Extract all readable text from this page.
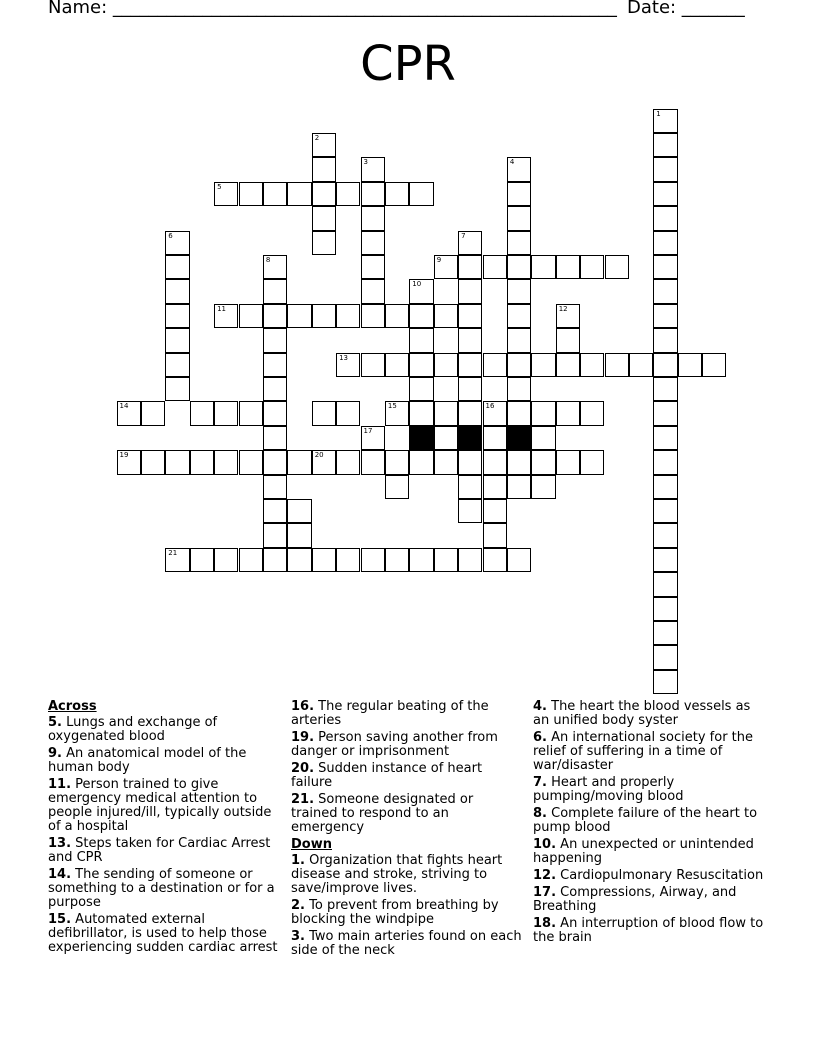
Name: ________________________________________________________ Date: _______
CPR
1
2
3	4
5
6	7
18
8	9
10
12
15	16
11
13
14
17
19	20
21
Across
5. Lungs and exchange of oxygenated blood
9. An anatomical model of the human body
11. Person trained to give emergency medical attention to people injured/ill, typically outside of a hospital
13. Steps taken for Cardiac Arrest and CPR
14. The sending of someone or something to a destination or for a purpose
15. Automated external defibrillator, is used to help those experiencing sudden cardiac arrest
16. The regular beating of the arteries
19. Person saving another from danger or imprisonment
20. Sudden instance of heart failure
21. Someone designated or trained to respond to an emergency
Down
1. Organization that fights heart disease and stroke, striving to save/improve lives.
2. To prevent from breathing by blocking the windpipe
3. Two main arteries found on each side of the neck
4. The heart the blood vessels as an unified body syster
6. An international society for the relief of suffering in a time of war/disaster
7. Heart and properly pumping/moving blood
8. Complete failure of the heart to pump blood
10. An unexpected or unintended happening
12. Cardiopulmonary Resuscitation
17. Compressions, Airway, and Breathing
18. An interruption of blood flow to the brain
